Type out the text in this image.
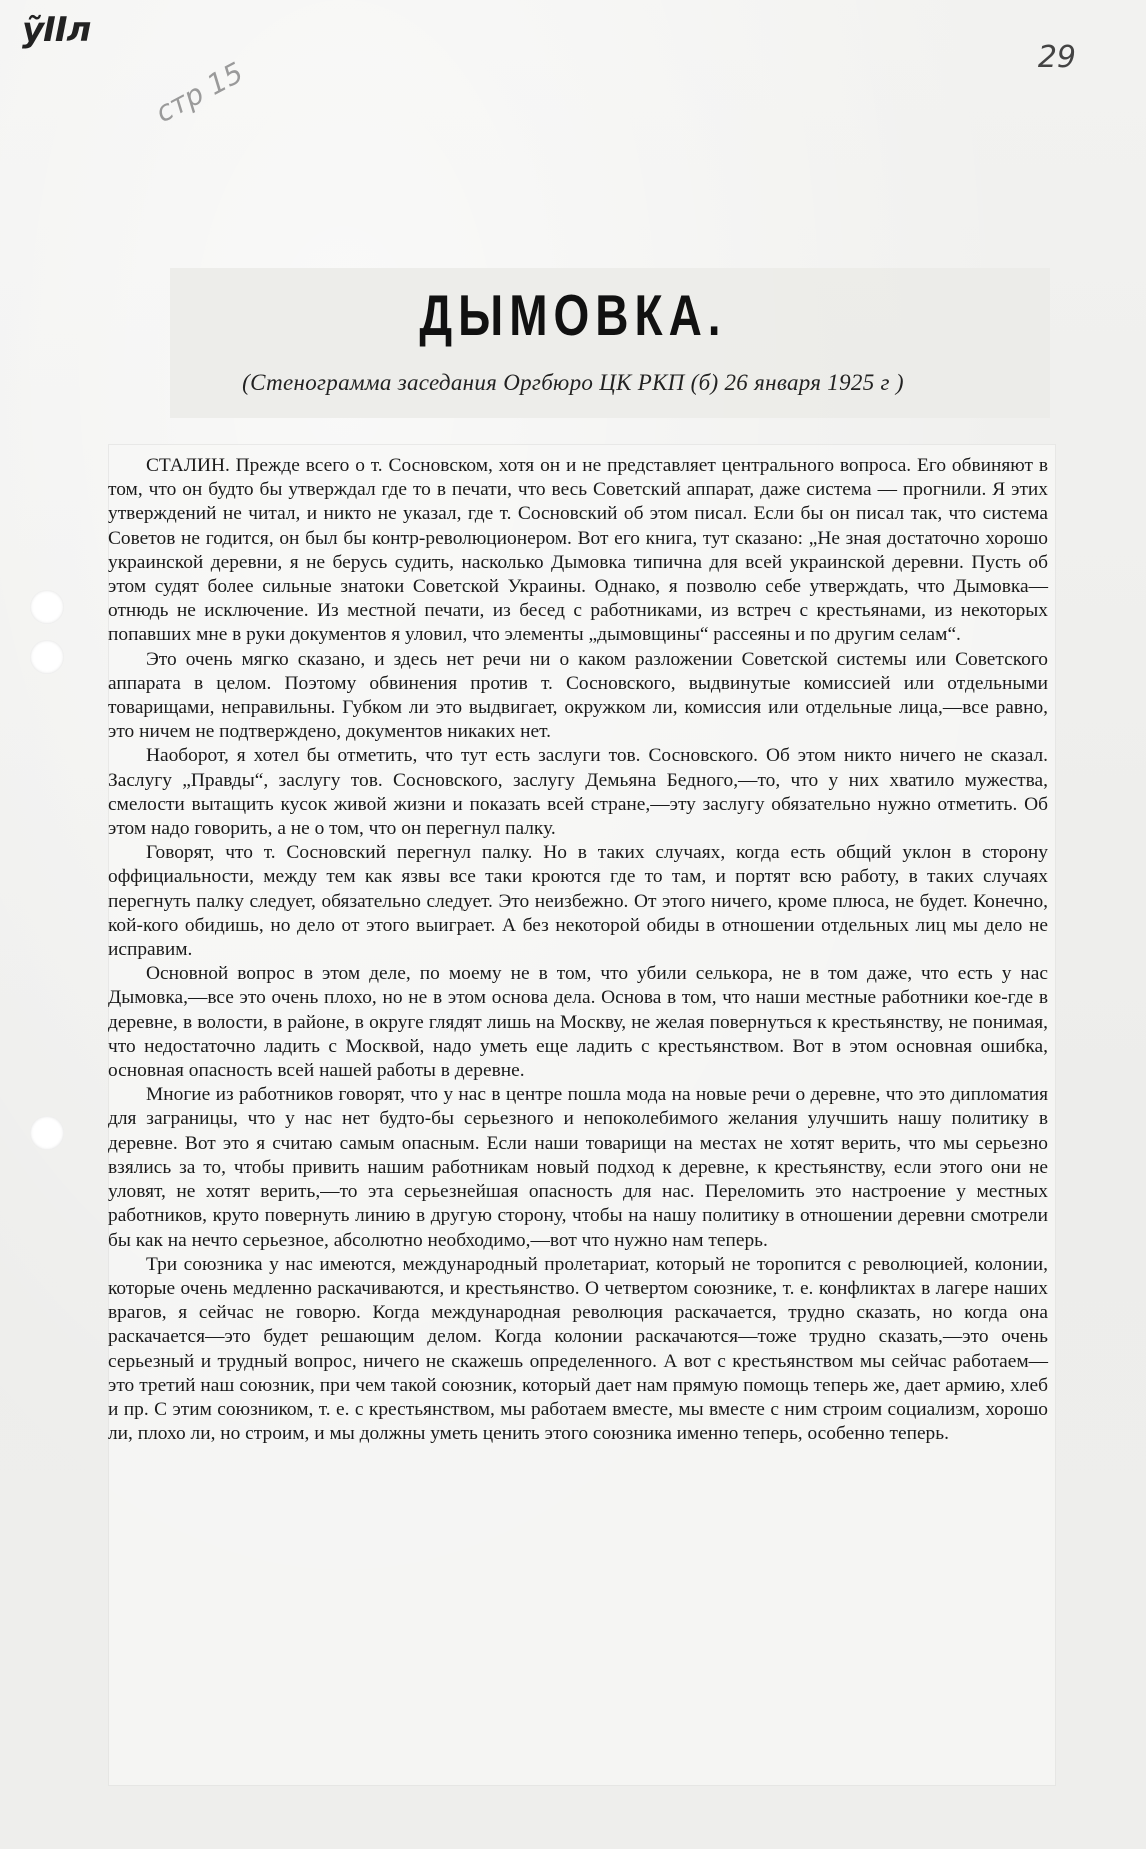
ỹIIл
29
стр 15
ДЫМОВКА.
(Стенограмма заседания Оргбюро ЦК РКП (б) 26 января 1925 г )

СТАЛИН. Прежде всего о т. Сосновском, хотя он и не представляет центрального вопроса. Его обвиняют в том, что он будто бы утверждал где то в печати, что весь Советский аппарат, даже система — прогнили. Я этих утверждений не читал, и никто не указал, где т. Сосновский об этом писал. Если бы он писал так, что система Советов не годится, он был бы контр-революционером. Вот его книга, тут сказано: „Не зная достаточно хорошо украинской деревни, я не берусь судить, насколько Дымовка типична для всей украинской деревни. Пусть об этом судят более сильные знатоки Советской Украины. Однако, я позволю себе утверждать, что Дымовка—отнюдь не исключение. Из местной печати, из бесед с работниками, из встреч с крестьянами, из некоторых попавших мне в руки документов я уловил, что элементы „дымовщины“ рассеяны и по другим селам“.

Это очень мягко сказано, и здесь нет речи ни о каком разложении Советской системы или Советского аппарата в целом. Поэтому обвинения против т. Сосновского, выдвинутые комиссией или отдельными товарищами, неправильны. Губком ли это выдвигает, окружком ли, комиссия или отдельные лица,—все равно, это ничем не подтверждено, документов никаких нет.

Наоборот, я хотел бы отметить, что тут есть заслуги тов. Сосновского. Об этом никто ничего не сказал. Заслугу „Правды“, заслугу тов. Сосновского, заслугу Демьяна Бедного,—то, что у них хватило мужества, смелости вытащить кусок живой жизни и показать всей стране,—эту заслугу обязательно нужно отметить. Об этом надо говорить, а не о том, что он перегнул палку.

Говорят, что т. Сосновский перегнул палку. Но в таких случаях, когда есть общий уклон в сторону оффициальности, между тем как язвы все таки кроются где то там, и портят всю работу, в таких случаях перегнуть палку следует, обязательно следует. Это неизбежно. От этого ничего, кроме плюса, не будет. Конечно, кой-кого обидишь, но дело от этого выиграет. А без некоторой обиды в отношении отдельных лиц мы дело не исправим.

Основной вопрос в этом деле, по моему не в том, что убили селькора, не в том даже, что есть у нас Дымовка,—все это очень плохо, но не в этом основа дела. Основа в том, что наши местные работники кое-где в деревне, в волости, в районе, в округе глядят лишь на Москву, не желая повернуться к крестьянству, не понимая, что недостаточно ладить с Москвой, надо уметь еще ладить с крестьянством. Вот в этом основная ошибка, основная опасность всей нашей работы в деревне.

Многие из работников говорят, что у нас в центре пошла мода на новые речи о деревне, что это дипломатия для заграницы, что у нас нет будто-бы серьезного и непоколебимого желания улучшить нашу политику в деревне. Вот это я считаю самым опасным. Если наши товарищи на местах не хотят верить, что мы серьезно взялись за то, чтобы привить нашим работникам новый подход к деревне, к крестьянству, если этого они не уловят, не хотят верить,—то эта серьезнейшая опасность для нас. Переломить это настроение у местных работников, круто повернуть линию в другую сторону, чтобы на нашу политику в отношении деревни смотрели бы как на нечто серьезное, абсолютно необходимо,—вот что нужно нам теперь.

Три союзника у нас имеются, международный пролетариат, который не торопится с революцией, колонии, которые очень медленно раскачиваются, и крестьянство. О четвертом союзнике, т. е. конфликтах в лагере наших врагов, я сейчас не говорю. Когда международная революция раскачается, трудно сказать, но когда она раскачается—это будет решающим делом. Когда колонии раскачаются—тоже трудно сказать,—это очень серьезный и трудный вопрос, ничего не скажешь определенного. А вот с крестьянством мы сейчас работаем—это третий наш союзник, при чем такой союзник, который дает нам прямую помощь теперь же, дает армию, хлеб и пр. С этим союзником, т. е. с крестьянством, мы работаем вместе, мы вместе с ним строим социализм, хорошо ли, плохо ли, но строим, и мы должны уметь ценить этого союзника именно теперь, особенно теперь.
